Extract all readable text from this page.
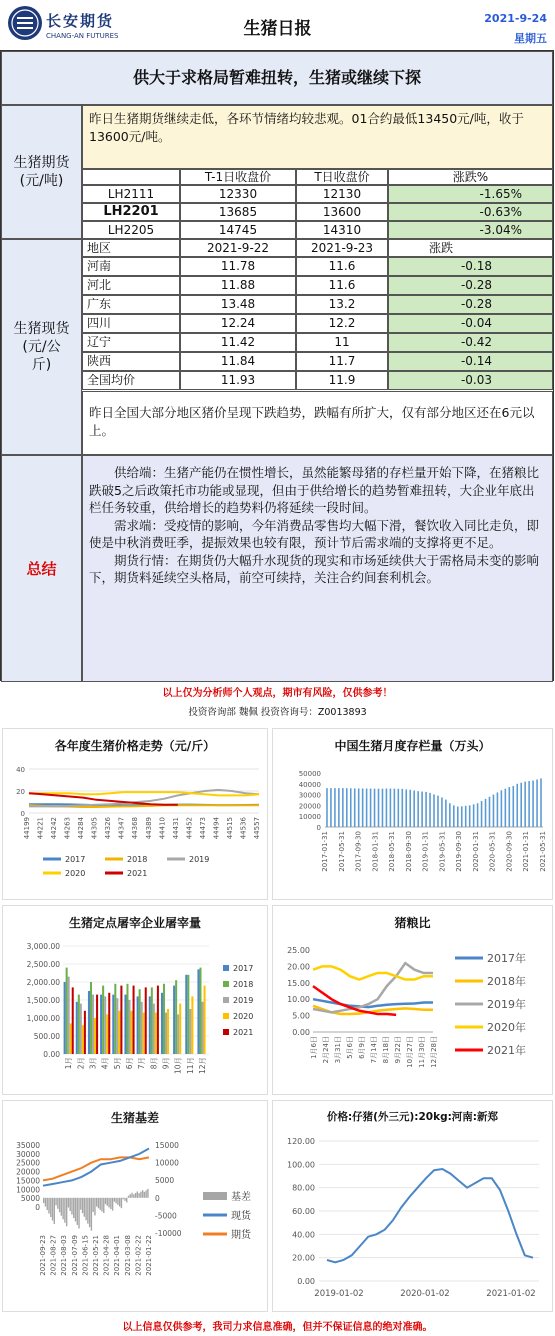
长安期货
CHANG-AN FUTURES	生猪日报
2021-9-24
星期五
供大于求格局暂难扭转，生猪或继续下探
生猪期货
(元/吨)
昨日生猪期货继续走低，各环节情绪均较悲观。01合约最低13450元/吨，收于13600元/吨。
T-1日收盘价	T日收盘价	涨跌%
生猪现货
(元/公
斤)
地区	2021-9-22	2021-9-23	涨跌
昨日全国大部分地区猪价呈现下跌趋势，跌幅有所扩大，仅有部分地区还在6元以上。
总结
供给端：生猪产能仍在惯性增长，虽然能繁母猪的存栏量开始下降，在猪粮比跌破5之后政策托市功能或显现，但由于供给增长的趋势暂难扭转，大企业年底出栏任务较重，供给增长的趋势料仍将延续一段时间。
需求端：受疫情的影响，今年消费品零售均大幅下滑，餐饮收入同比走负，即使是中秋消费旺季，提振效果也较有限，预计节后需求端的支撑将更不足。
期货行情：在期货仍大幅升水现货的现实和市场延续供大于需格局未变的影响下，期货料延续空头格局，前空可续持，关注合约间套利机会。
LH2111	12330	12130	-1.65%
LH2201	13685	13600	-0.63%
LH2205	14745	14310	-3.04%
河南	11.78	11.6	-0.18
河北	11.88	11.6	-0.28
广东	13.48	13.2	-0.28
四川	12.24	12.2	-0.04
辽宁	11.42	11	-0.42
陕西	11.84	11.7	-0.14
全国均价	11.93	11.9	-0.03
以上仅为分析师个人观点，期市有风险，仅供参考！
投资咨询部 魏佩 投资咨询号：Z0013893
各年度生猪价格走势（元/斤）
0
20
40
44199 44221 44242 44263 44284 44305 44326 44347 44368 44389 44410 44431 44452 44473 44494 44515 44536 44557
2017	2018	2019
2020	2021
中国生猪月度存栏量（万头）
0
10000
20000
30000
40000
50000
2017-01-31 2017-05-31 2017-09-30 2018-01-31 2018-05-31 2018-09-30 2019-01-31 2019-05-31 2019-09-30 2020-01-31 2020-05-31 2020-09-30 2021-01-31 2021-05-31
生猪定点屠宰企业屠宰量
0.00
500.00
1,000.00
1,500.00
2,000.00
2,500.00
3,000.00
1月 2月 3月 4月 5月 6月 7月 8月 9月 10月 11月 12月
2017
2018
2019
2020
2021
猪粮比
0.00
5.00
10.00
15.00
20.00
25.00
1月6日 2月24日 3月31日 5月6日 6月9日 7月14日 8月18日 9月22日 10月27日 11月30日 12月28日
2017年
2018年
2019年
2020年
2021年
生猪基差
0
5000
10000
15000
20000
25000
30000
35000
-10000
-5000
0
5000
10000
15000
2021-09-23 2021-08-27 2021-08-03 2021-07-09 2021-06-15 2021-05-21 2021-04-28 2021-04-01 2021-03-08 2021-02-22 2021-01-22
基差
现货
期货
价格:仔猪(外三元):20kg:河南:新郑
0.00
20.00
40.00
60.00
80.00
100.00
120.00
2019-01-02	2020-01-02	2021-01-02
以上信息仅供参考，我司力求信息准确，但并不保证信息的绝对准确。
